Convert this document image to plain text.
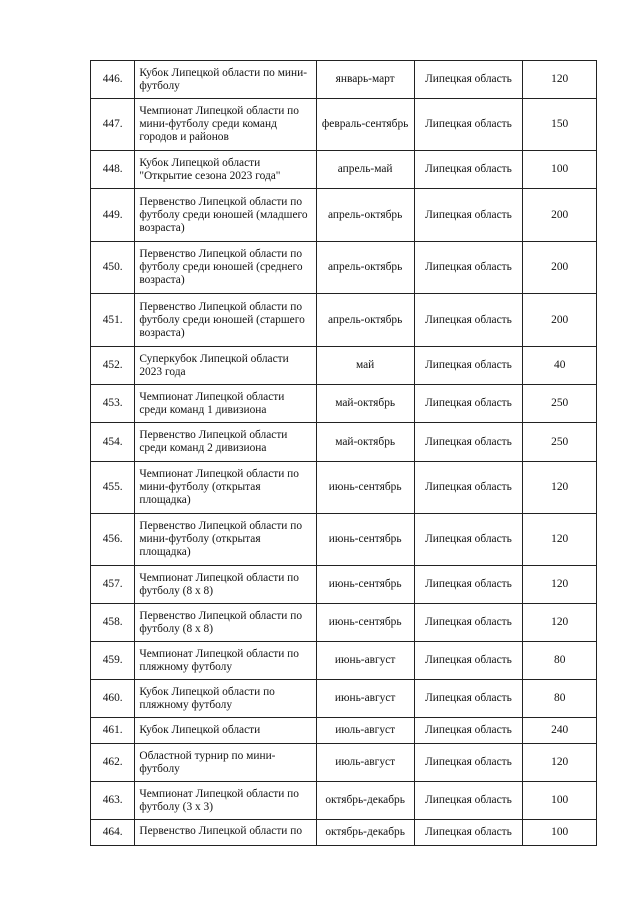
446.	Кубок Липецкой области по мини-футболу	январь-март	Липецкая область	120
447.	Чемпионат Липецкой области по мини-футболу среди команд городов и районов	февраль-сентябрь	Липецкая область	150
448.	Кубок Липецкой области "Открытие сезона 2023 года"	апрель-май	Липецкая область	100
449.	Первенство Липецкой области по футболу среди юношей (младшего возраста)	апрель-октябрь	Липецкая область	200
450.	Первенство Липецкой области по футболу среди юношей (среднего возраста)	апрель-октябрь	Липецкая область	200
451.	Первенство Липецкой области по футболу среди юношей (старшего возраста)	апрель-октябрь	Липецкая область	200
452.	Суперкубок Липецкой области 2023 года	май	Липецкая область	40
453.	Чемпионат Липецкой области среди команд 1 дивизиона	май-октябрь	Липецкая область	250
454.	Первенство Липецкой области среди команд 2 дивизиона	май-октябрь	Липецкая область	250
455.	Чемпионат Липецкой области по мини-футболу (открытая площадка)	июнь-сентябрь	Липецкая область	120
456.	Первенство Липецкой области по мини-футболу (открытая площадка)	июнь-сентябрь	Липецкая область	120
457.	Чемпионат Липецкой области по футболу (8 х 8)	июнь-сентябрь	Липецкая область	120
458.	Первенство Липецкой области по футболу (8 х 8)	июнь-сентябрь	Липецкая область	120
459.	Чемпионат Липецкой области по пляжному футболу	июнь-август	Липецкая область	80
460.	Кубок Липецкой области по пляжному футболу	июнь-август	Липецкая область	80
461.	Кубок Липецкой области	июль-август	Липецкая область	240
462.	Областной турнир по мини-футболу	июль-август	Липецкая область	120
463.	Чемпионат Липецкой области по футболу (3 х 3)	октябрь-декабрь	Липецкая область	100
464.	Первенство Липецкой области по	октябрь-декабрь	Липецкая область	100
